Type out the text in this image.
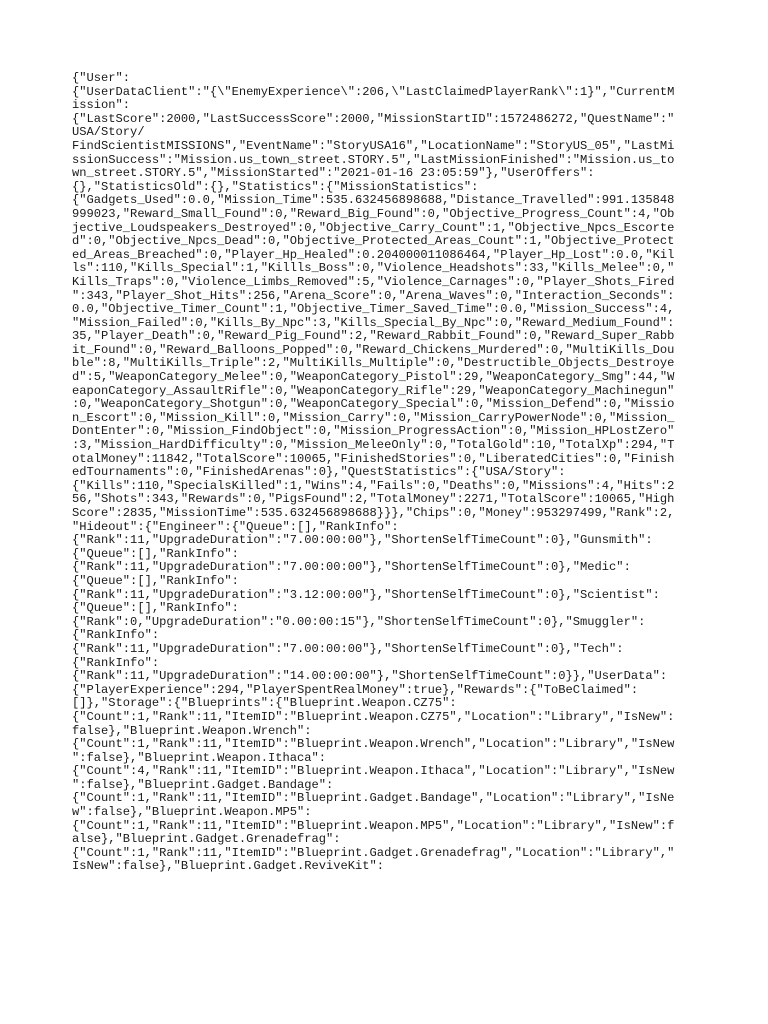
{"User":
{"UserDataClient":"{\"EnemyExperience\":206,\"LastClaimedPlayerRank\":1}","CurrentM
ission":
{"LastScore":2000,"LastSuccessScore":2000,"MissionStartID":1572486272,"QuestName":"
USA/Story/
FindScientistMISSIONS","EventName":"StoryUSA16","LocationName":"StoryUS_05","LastMi
ssionSuccess":"Mission.us_town_street.STORY.5","LastMissionFinished":"Mission.us_to
wn_street.STORY.5","MissionStarted":"2021-01-16 23:05:59"},"UserOffers":
{},"StatisticsOld":{},"Statistics":{"MissionStatistics":
{"Gadgets_Used":0.0,"Mission_Time":535.632456898688,"Distance_Travelled":991.135848
999023,"Reward_Small_Found":0,"Reward_Big_Found":0,"Objective_Progress_Count":4,"Ob
jective_Loudspeakers_Destroyed":0,"Objective_Carry_Count":1,"Objective_Npcs_Escorte
d":0,"Objective_Npcs_Dead":0,"Objective_Protected_Areas_Count":1,"Objective_Protect
ed_Areas_Breached":0,"Player_Hp_Healed":0.204000011086464,"Player_Hp_Lost":0.0,"Kil
ls":110,"Kills_Special":1,"Killls_Boss":0,"Violence_Headshots":33,"Kills_Melee":0,"
Kills_Traps":0,"Violence_Limbs_Removed":5,"Violence_Carnages":0,"Player_Shots_Fired
":343,"Player_Shot_Hits":256,"Arena_Score":0,"Arena_Waves":0,"Interaction_Seconds":
0.0,"Objective_Timer_Count":1,"Objective_Timer_Saved_Time":0.0,"Mission_Success":4,
"Mission_Failed":0,"Kills_By_Npc":3,"Kills_Special_By_Npc":0,"Reward_Medium_Found":
35,"Player_Death":0,"Reward_Pig_Found":2,"Reward_Rabbit_Found":0,"Reward_Super_Rabb
it_Found":0,"Reward_Balloons_Popped":0,"Reward_Chickens_Murdered":0,"MultiKills_Dou
ble":8,"MultiKills_Triple":2,"MultiKills_Multiple":0,"Destructible_Objects_Destroye
d":5,"WeaponCategory_Melee":0,"WeaponCategory_Pistol":29,"WeaponCategory_Smg":44,"W
eaponCategory_AssaultRifle":0,"WeaponCategory_Rifle":29,"WeaponCategory_Machinegun"
:0,"WeaponCategory_Shotgun":0,"WeaponCategory_Special":0,"Mission_Defend":0,"Missio
n_Escort":0,"Mission_Kill":0,"Mission_Carry":0,"Mission_CarryPowerNode":0,"Mission_
DontEnter":0,"Mission_FindObject":0,"Mission_ProgressAction":0,"Mission_HPLostZero"
:3,"Mission_HardDifficulty":0,"Mission_MeleeOnly":0,"TotalGold":10,"TotalXp":294,"T
otalMoney":11842,"TotalScore":10065,"FinishedStories":0,"LiberatedCities":0,"Finish
edTournaments":0,"FinishedArenas":0},"QuestStatistics":{"USA/Story":
{"Kills":110,"SpecialsKilled":1,"Wins":4,"Fails":0,"Deaths":0,"Missions":4,"Hits":2
56,"Shots":343,"Rewards":0,"PigsFound":2,"TotalMoney":2271,"TotalScore":10065,"High
Score":2835,"MissionTime":535.632456898688}}},"Chips":0,"Money":953297499,"Rank":2,
"Hideout":{"Engineer":{"Queue":[],"RankInfo":
{"Rank":11,"UpgradeDuration":"7.00:00:00"},"ShortenSelfTimeCount":0},"Gunsmith":
{"Queue":[],"RankInfo":
{"Rank":11,"UpgradeDuration":"7.00:00:00"},"ShortenSelfTimeCount":0},"Medic":
{"Queue":[],"RankInfo":
{"Rank":11,"UpgradeDuration":"3.12:00:00"},"ShortenSelfTimeCount":0},"Scientist":
{"Queue":[],"RankInfo":
{"Rank":0,"UpgradeDuration":"0.00:00:15"},"ShortenSelfTimeCount":0},"Smuggler":
{"RankInfo":
{"Rank":11,"UpgradeDuration":"7.00:00:00"},"ShortenSelfTimeCount":0},"Tech":
{"RankInfo":
{"Rank":11,"UpgradeDuration":"14.00:00:00"},"ShortenSelfTimeCount":0}},"UserData":
{"PlayerExperience":294,"PlayerSpentRealMoney":true},"Rewards":{"ToBeClaimed":
[]},"Storage":{"Blueprints":{"Blueprint.Weapon.CZ75":
{"Count":1,"Rank":11,"ItemID":"Blueprint.Weapon.CZ75","Location":"Library","IsNew":
false},"Blueprint.Weapon.Wrench":
{"Count":1,"Rank":11,"ItemID":"Blueprint.Weapon.Wrench","Location":"Library","IsNew
":false},"Blueprint.Weapon.Ithaca":
{"Count":4,"Rank":11,"ItemID":"Blueprint.Weapon.Ithaca","Location":"Library","IsNew
":false},"Blueprint.Gadget.Bandage":
{"Count":1,"Rank":11,"ItemID":"Blueprint.Gadget.Bandage","Location":"Library","IsNe
w":false},"Blueprint.Weapon.MP5":
{"Count":1,"Rank":11,"ItemID":"Blueprint.Weapon.MP5","Location":"Library","IsNew":f
alse},"Blueprint.Gadget.Grenadefrag":
{"Count":1,"Rank":11,"ItemID":"Blueprint.Gadget.Grenadefrag","Location":"Library","
IsNew":false},"Blueprint.Gadget.ReviveKit":
